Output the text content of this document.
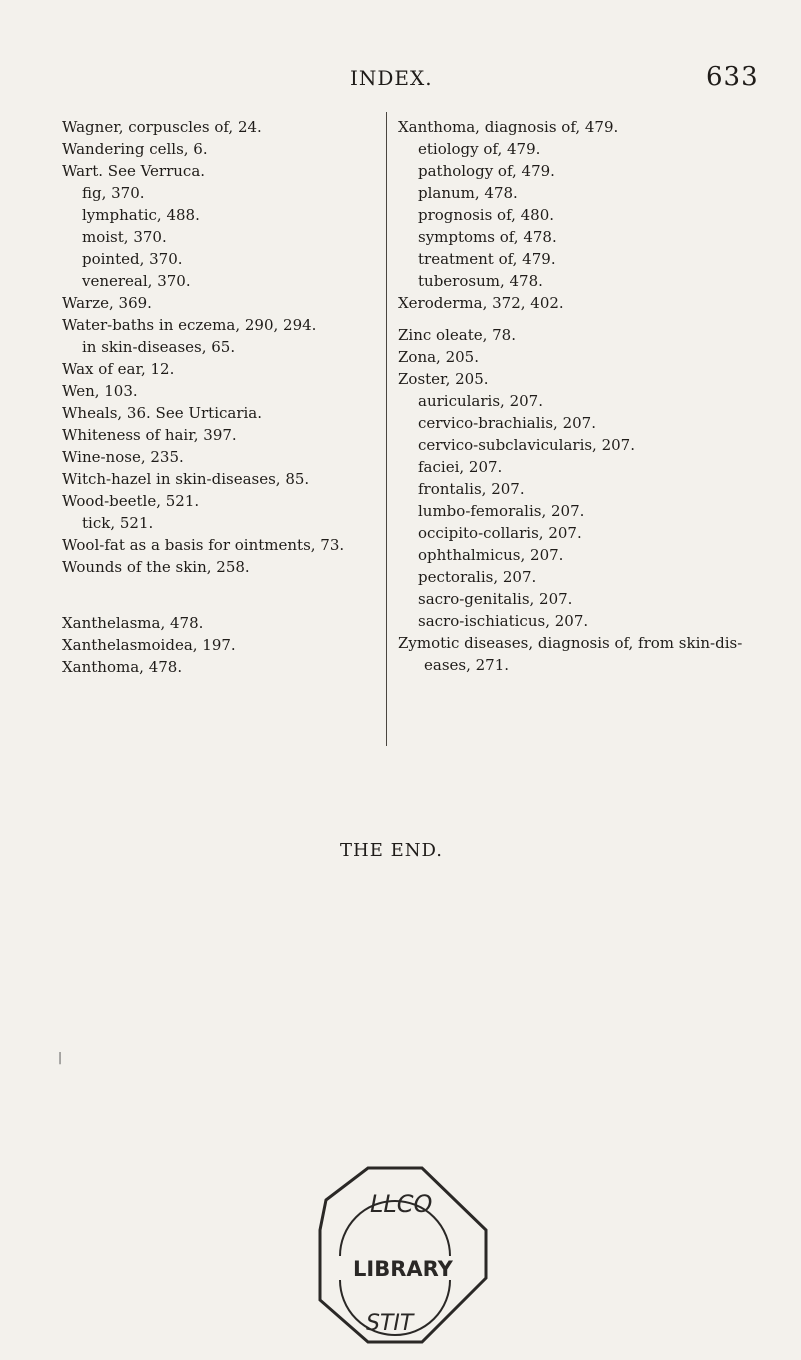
INDEX.	633
Wagner, corpuscles of, 24.
Wandering cells, 6.
Wart. See Verruca.
fig, 370.
lymphatic, 488.
moist, 370.
pointed, 370.
venereal, 370.
Warze, 369.
Water-baths in eczema, 290, 294.
in skin-diseases, 65.
Wax of ear, 12.
Wen, 103.
Wheals, 36. See Urticaria.
Whiteness of hair, 397.
Wine-nose, 235.
Witch-hazel in skin-diseases, 85.
Wood-beetle, 521.
tick, 521.
Wool-fat as a basis for ointments, 73.
Wounds of the skin, 258.
Xanthelasma, 478.
Xanthelasmoidea, 197.
Xanthoma, 478.
Xanthoma, diagnosis of, 479.
etiology of, 479.
pathology of, 479.
planum, 478.
prognosis of, 480.
symptoms of, 478.
treatment of, 479.
tuberosum, 478.
Xeroderma, 372, 402.
Zinc oleate, 78.
Zona, 205.
Zoster, 205.
auricularis, 207.
cervico-brachialis, 207.
cervico-subclavicularis, 207.
faciei, 207.
frontalis, 207.
lumbo-femoralis, 207.
occipito-collaris, 207.
ophthalmicus, 207.
pectoralis, 207.
sacro-genitalis, 207.
sacro-ischiaticus, 207.
Zymotic diseases, diagnosis of, from skin-dis-
eases, 271.
THE END.
|
LLCO
LIBRARY
STIT
